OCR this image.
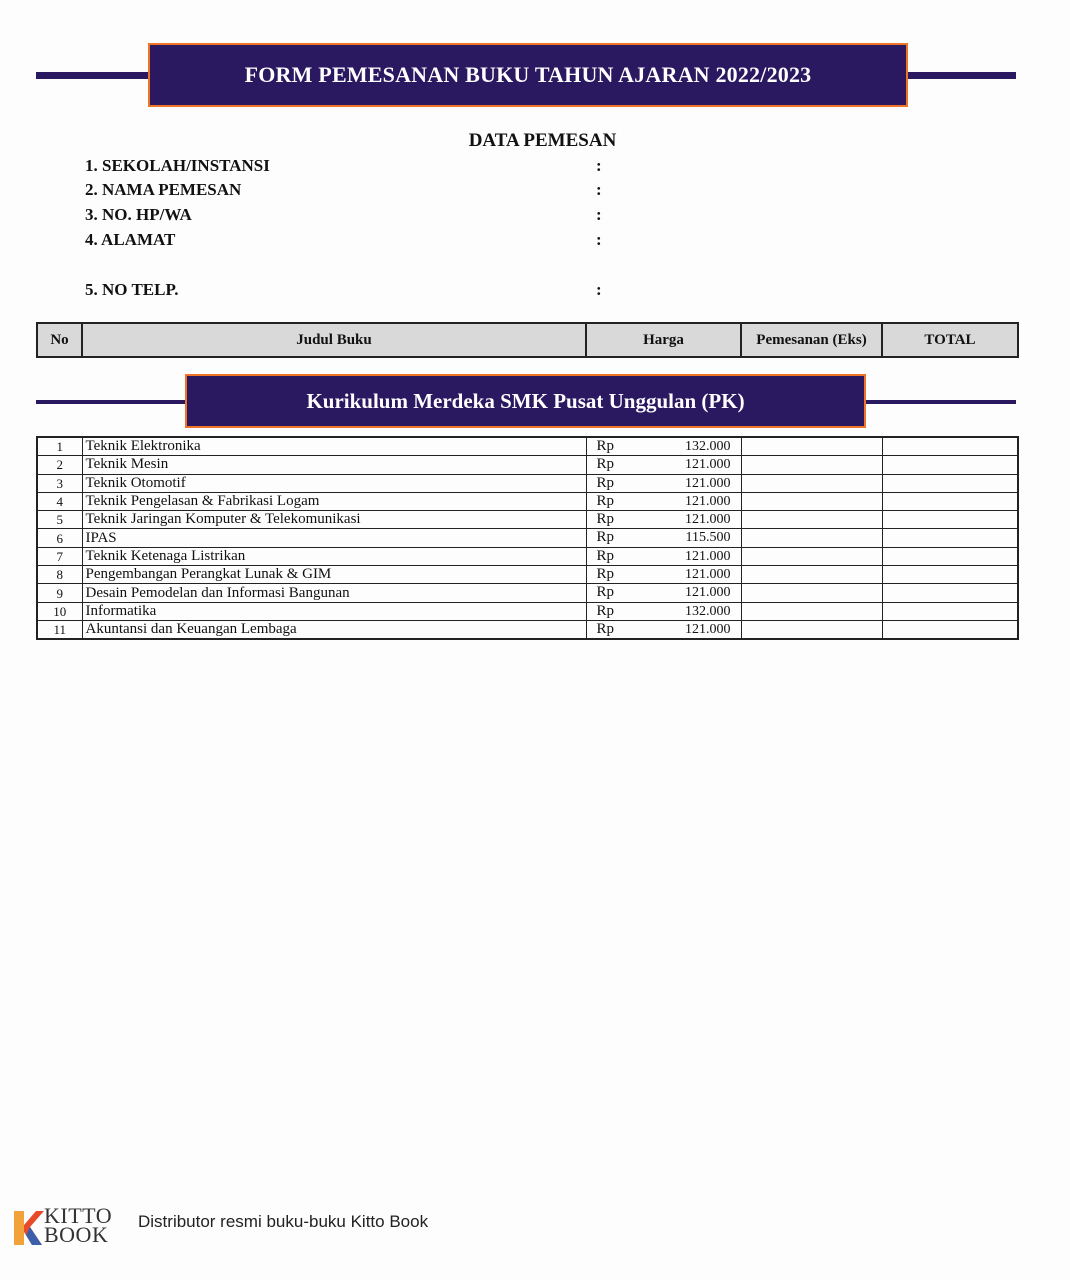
FORM PEMESANAN BUKU TAHUN AJARAN 2022/2023
DATA PEMESAN
1. SEKOLAH/INSTANSI	:
2. NAMA PEMESAN	:
3. NO. HP/WA	:
4. ALAMAT	:
5. NO TELP.	:
No	Judul Buku	Harga	Pemesanan (Eks)	TOTAL
Kurikulum Merdeka SMK Pusat Unggulan (PK)
1	Teknik Elektronika	Rp 132.000		

2	Teknik Mesin	Rp 121.000		

3	Teknik Otomotif	Rp 121.000		

4	Teknik Pengelasan & Fabrikasi Logam	Rp 121.000		

5	Teknik Jaringan Komputer & Telekomunikasi	Rp 121.000		

6	IPAS	Rp 115.500		

7	Teknik Ketenaga Listrikan	Rp 121.000		

8	Pengembangan Perangkat Lunak & GIM	Rp 121.000		

9	Desain Pemodelan dan Informasi Bangunan	Rp 121.000		

10	Informatika	Rp 132.000		

11	Akuntansi dan Keuangan Lembaga	Rp 121.000		

KITTO
BOOK
Distributor resmi buku-buku Kitto Book
